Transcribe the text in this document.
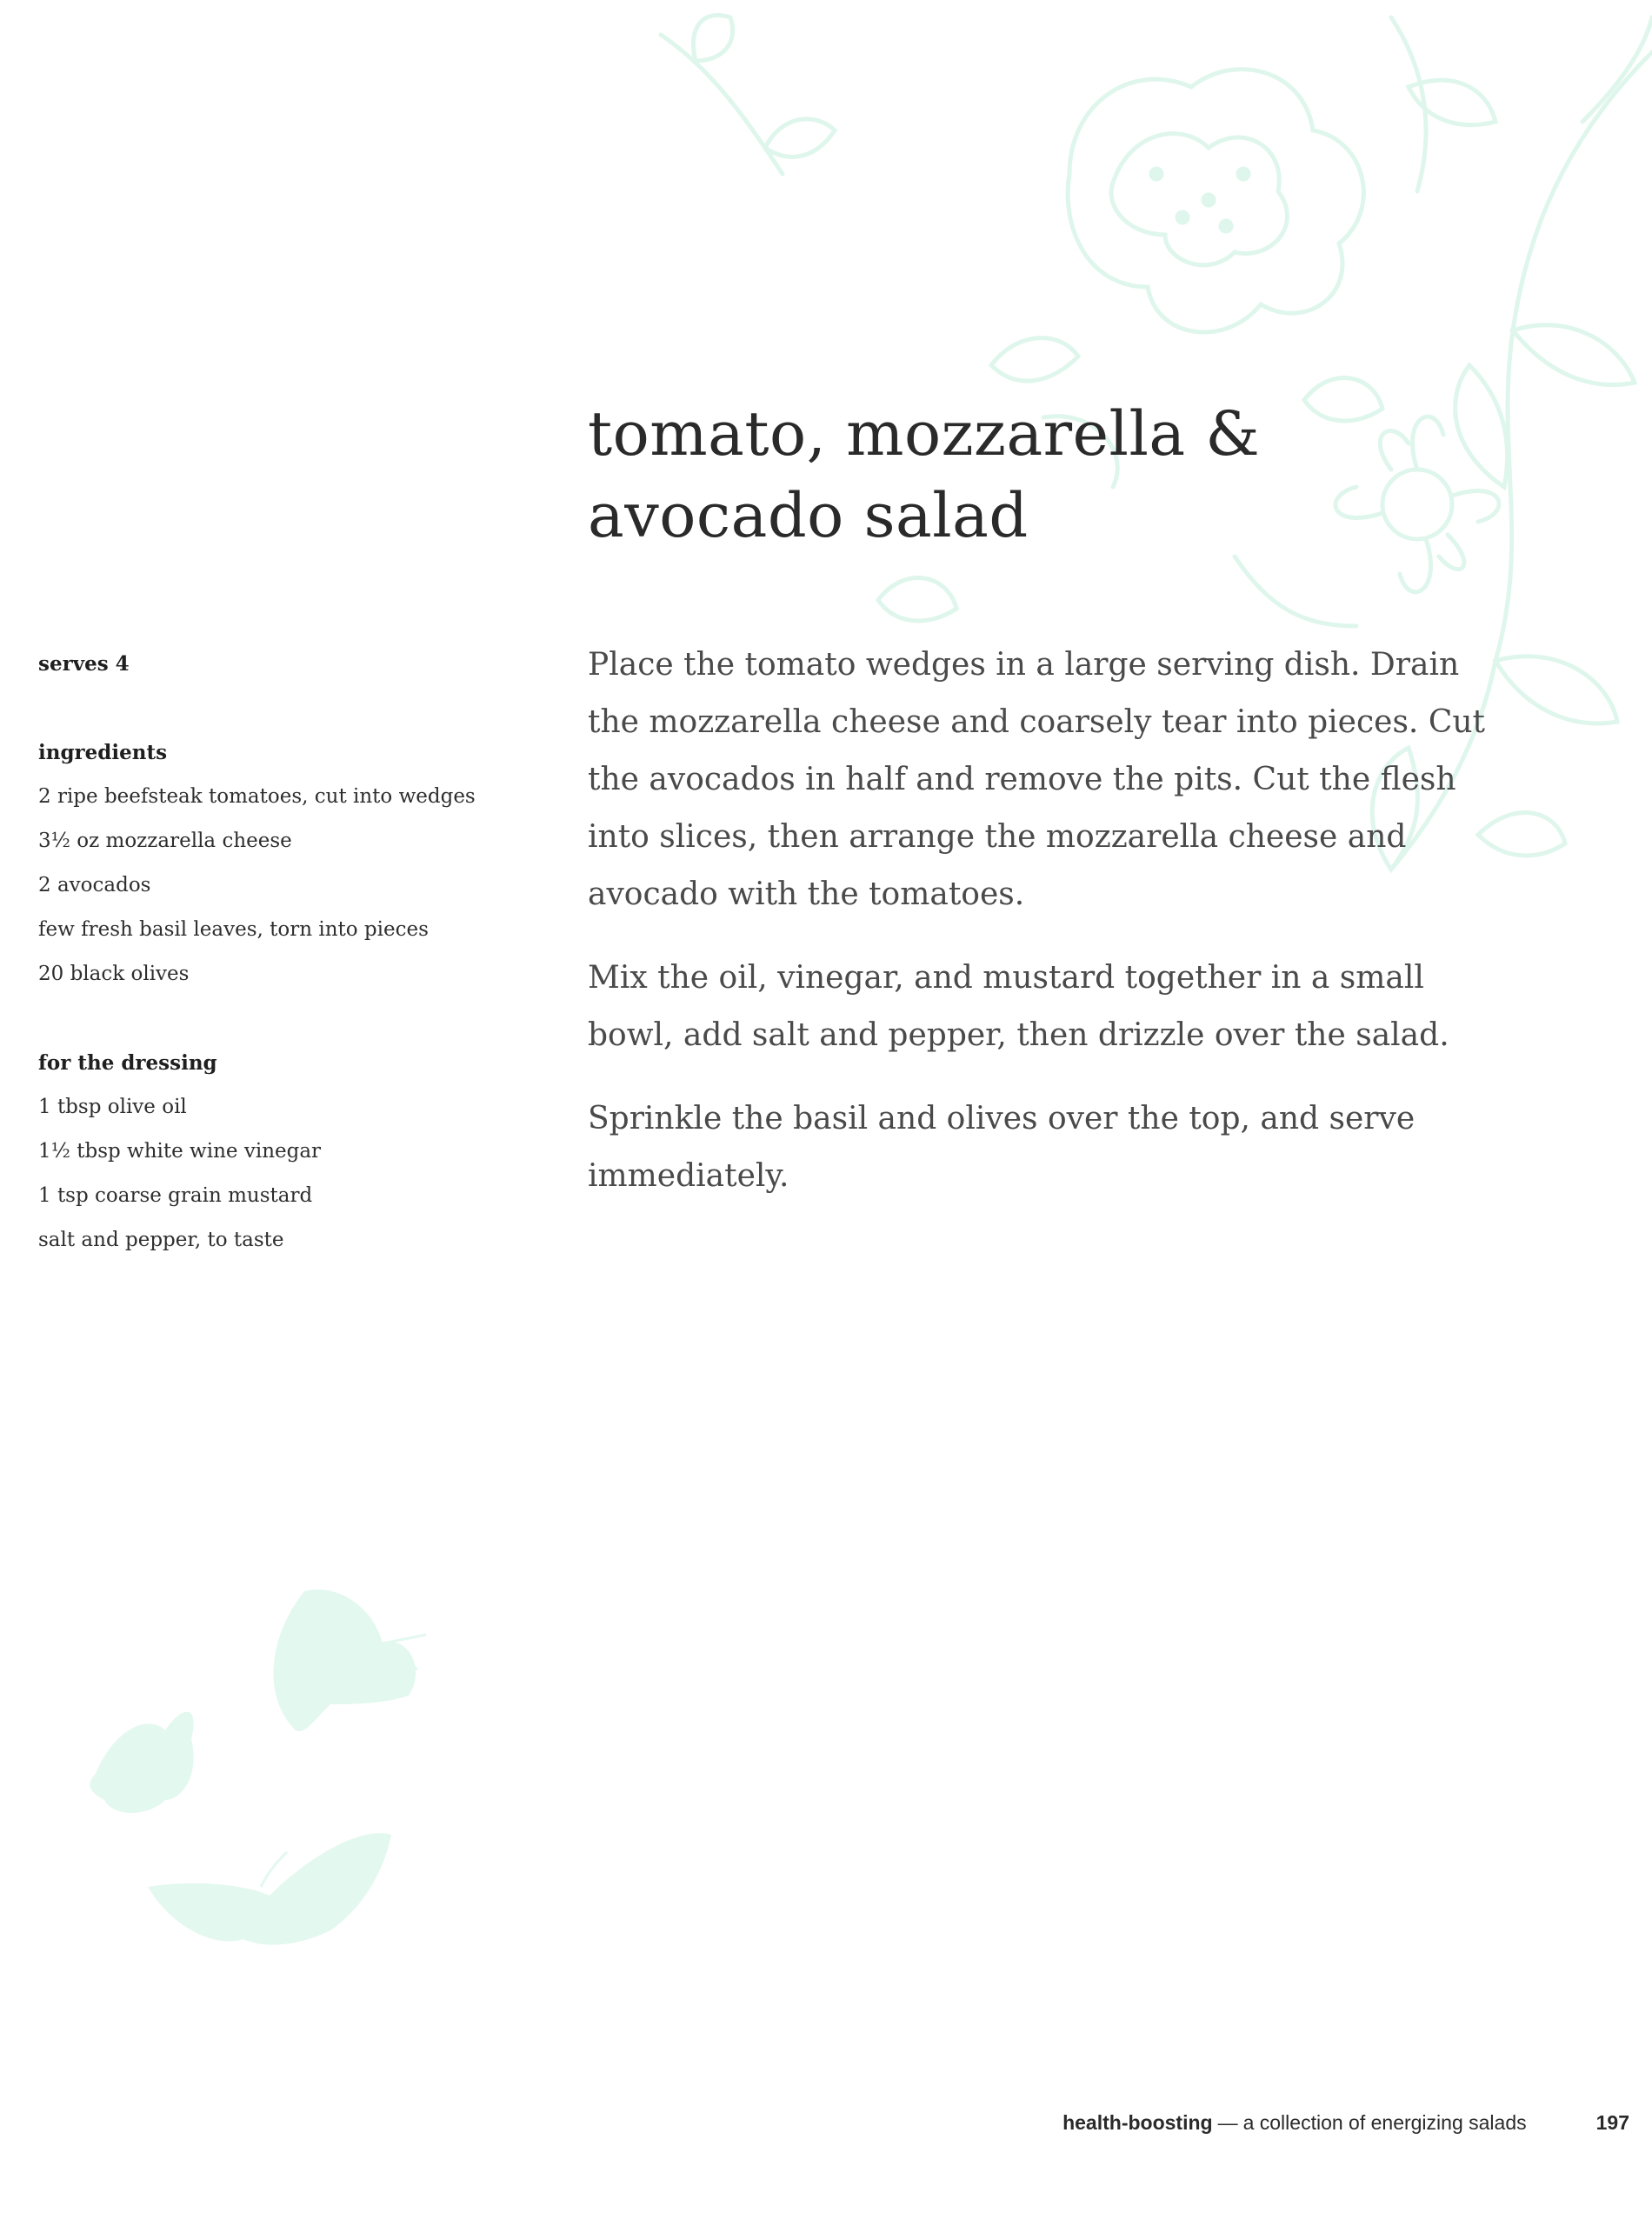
tomato, mozzarella &
avocado salad
serves 4
ingredients
2 ripe beefsteak tomatoes, cut into wedges
3½ oz mozzarella cheese
2 avocados
few fresh basil leaves, torn into pieces
20 black olives
for the dressing
1 tbsp olive oil
1½ tbsp white wine vinegar
1 tsp coarse grain mustard
salt and pepper, to taste

Place the tomato wedges in a large serving dish. Drain the mozzarella cheese and coarsely tear into pieces. Cut the avocados in half and remove the pits. Cut the flesh into slices, then arrange the mozzarella cheese and avocado with the tomatoes.

Mix the oil, vinegar, and mustard together in a small bowl, add salt and pepper, then drizzle over the salad.

Sprinkle the basil and olives over the top, and serve immediately.

health-boosting — a collection of energizing salads	197
